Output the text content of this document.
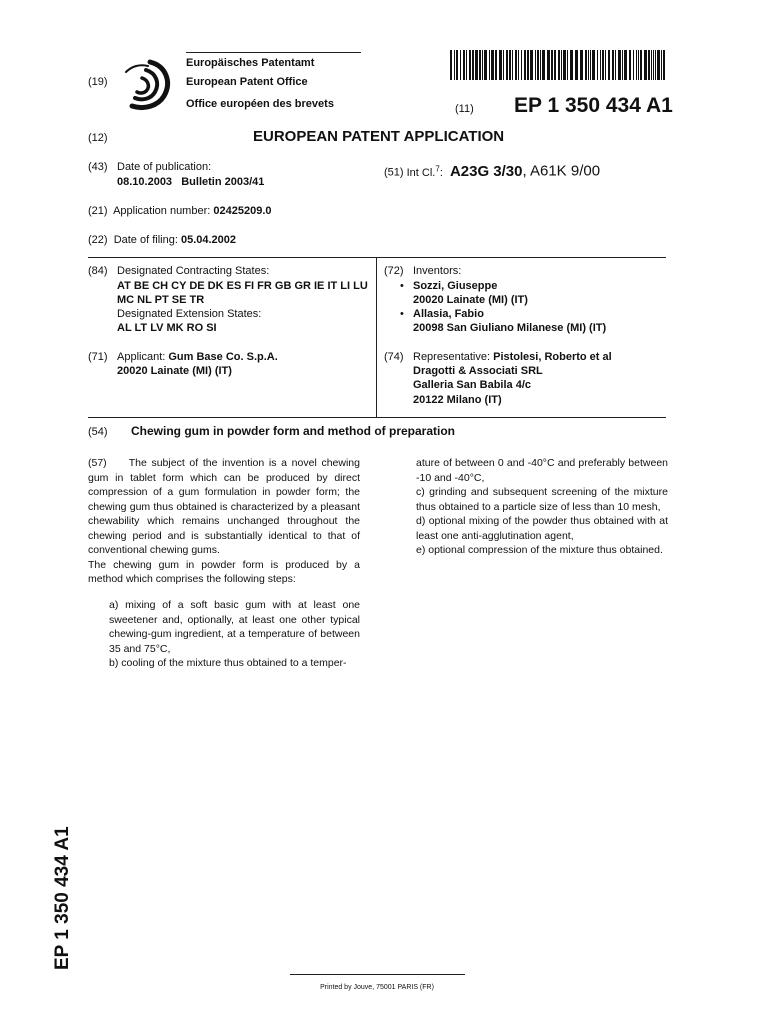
(19)
Europäisches Patentamt
European Patent Office
Office européen des brevets	(11) EP 1 350 434 A1
(12)	EUROPEAN PATENT APPLICATION
(43) Date of publication:
08.10.2003   Bulletin 2003/41
(51) Int Cl.$^7$: A23G 3/30, A61K 9/00
(21) Application number: 02425209.0
(22) Date of filing: 05.04.2002
(84) Designated Contracting States:
AT BE CH CY DE DK ES FI FR GB GR IE IT LI LU
MC NL PT SE TR
Designated Extension States:
AL LT LV MK RO SI
(72) Inventors:
• Sozzi, Giuseppe
20020 Lainate (MI) (IT)
• Allasia, Fabio
20098 San Giuliano Milanese (MI) (IT)
(71) Applicant: Gum Base Co. S.p.A.
20020 Lainate (MI) (IT)
(74) Representative: Pistolesi, Roberto et al
Dragotti & Associati SRL
Galleria San Babila 4/c
20122 Milano (IT)
(54) Chewing gum in powder form and method of preparation

(57) The subject of the invention is a novel chewing gum in tablet form which can be produced by direct compression of a gum formulation in powder form; the chewing gum thus obtained is characterized by a pleasant chewability which remains unchanged throughout the chewing period and is substantially identical to that of conventional chewing gums.

The chewing gum in powder form is produced by a method which comprises the following steps:

a) mixing of a soft basic gum with at least one sweetener and, optionally, at least one other typical chewing-gum ingredient, at a temperature of between 35 and 75°C,

b) cooling of the mixture thus obtained to a temper-

ature of between 0 and -40°C and preferably between -10 and -40°C,

c) grinding and subsequent screening of the mixture thus obtained to a particle size of less than 10 mesh,

d) optional mixing of the powder thus obtained with at least one anti-agglutination agent,

e) optional compression of the mixture thus obtained.

EP 1 350 434 A1
Printed by Jouve, 75001 PARIS (FR)
